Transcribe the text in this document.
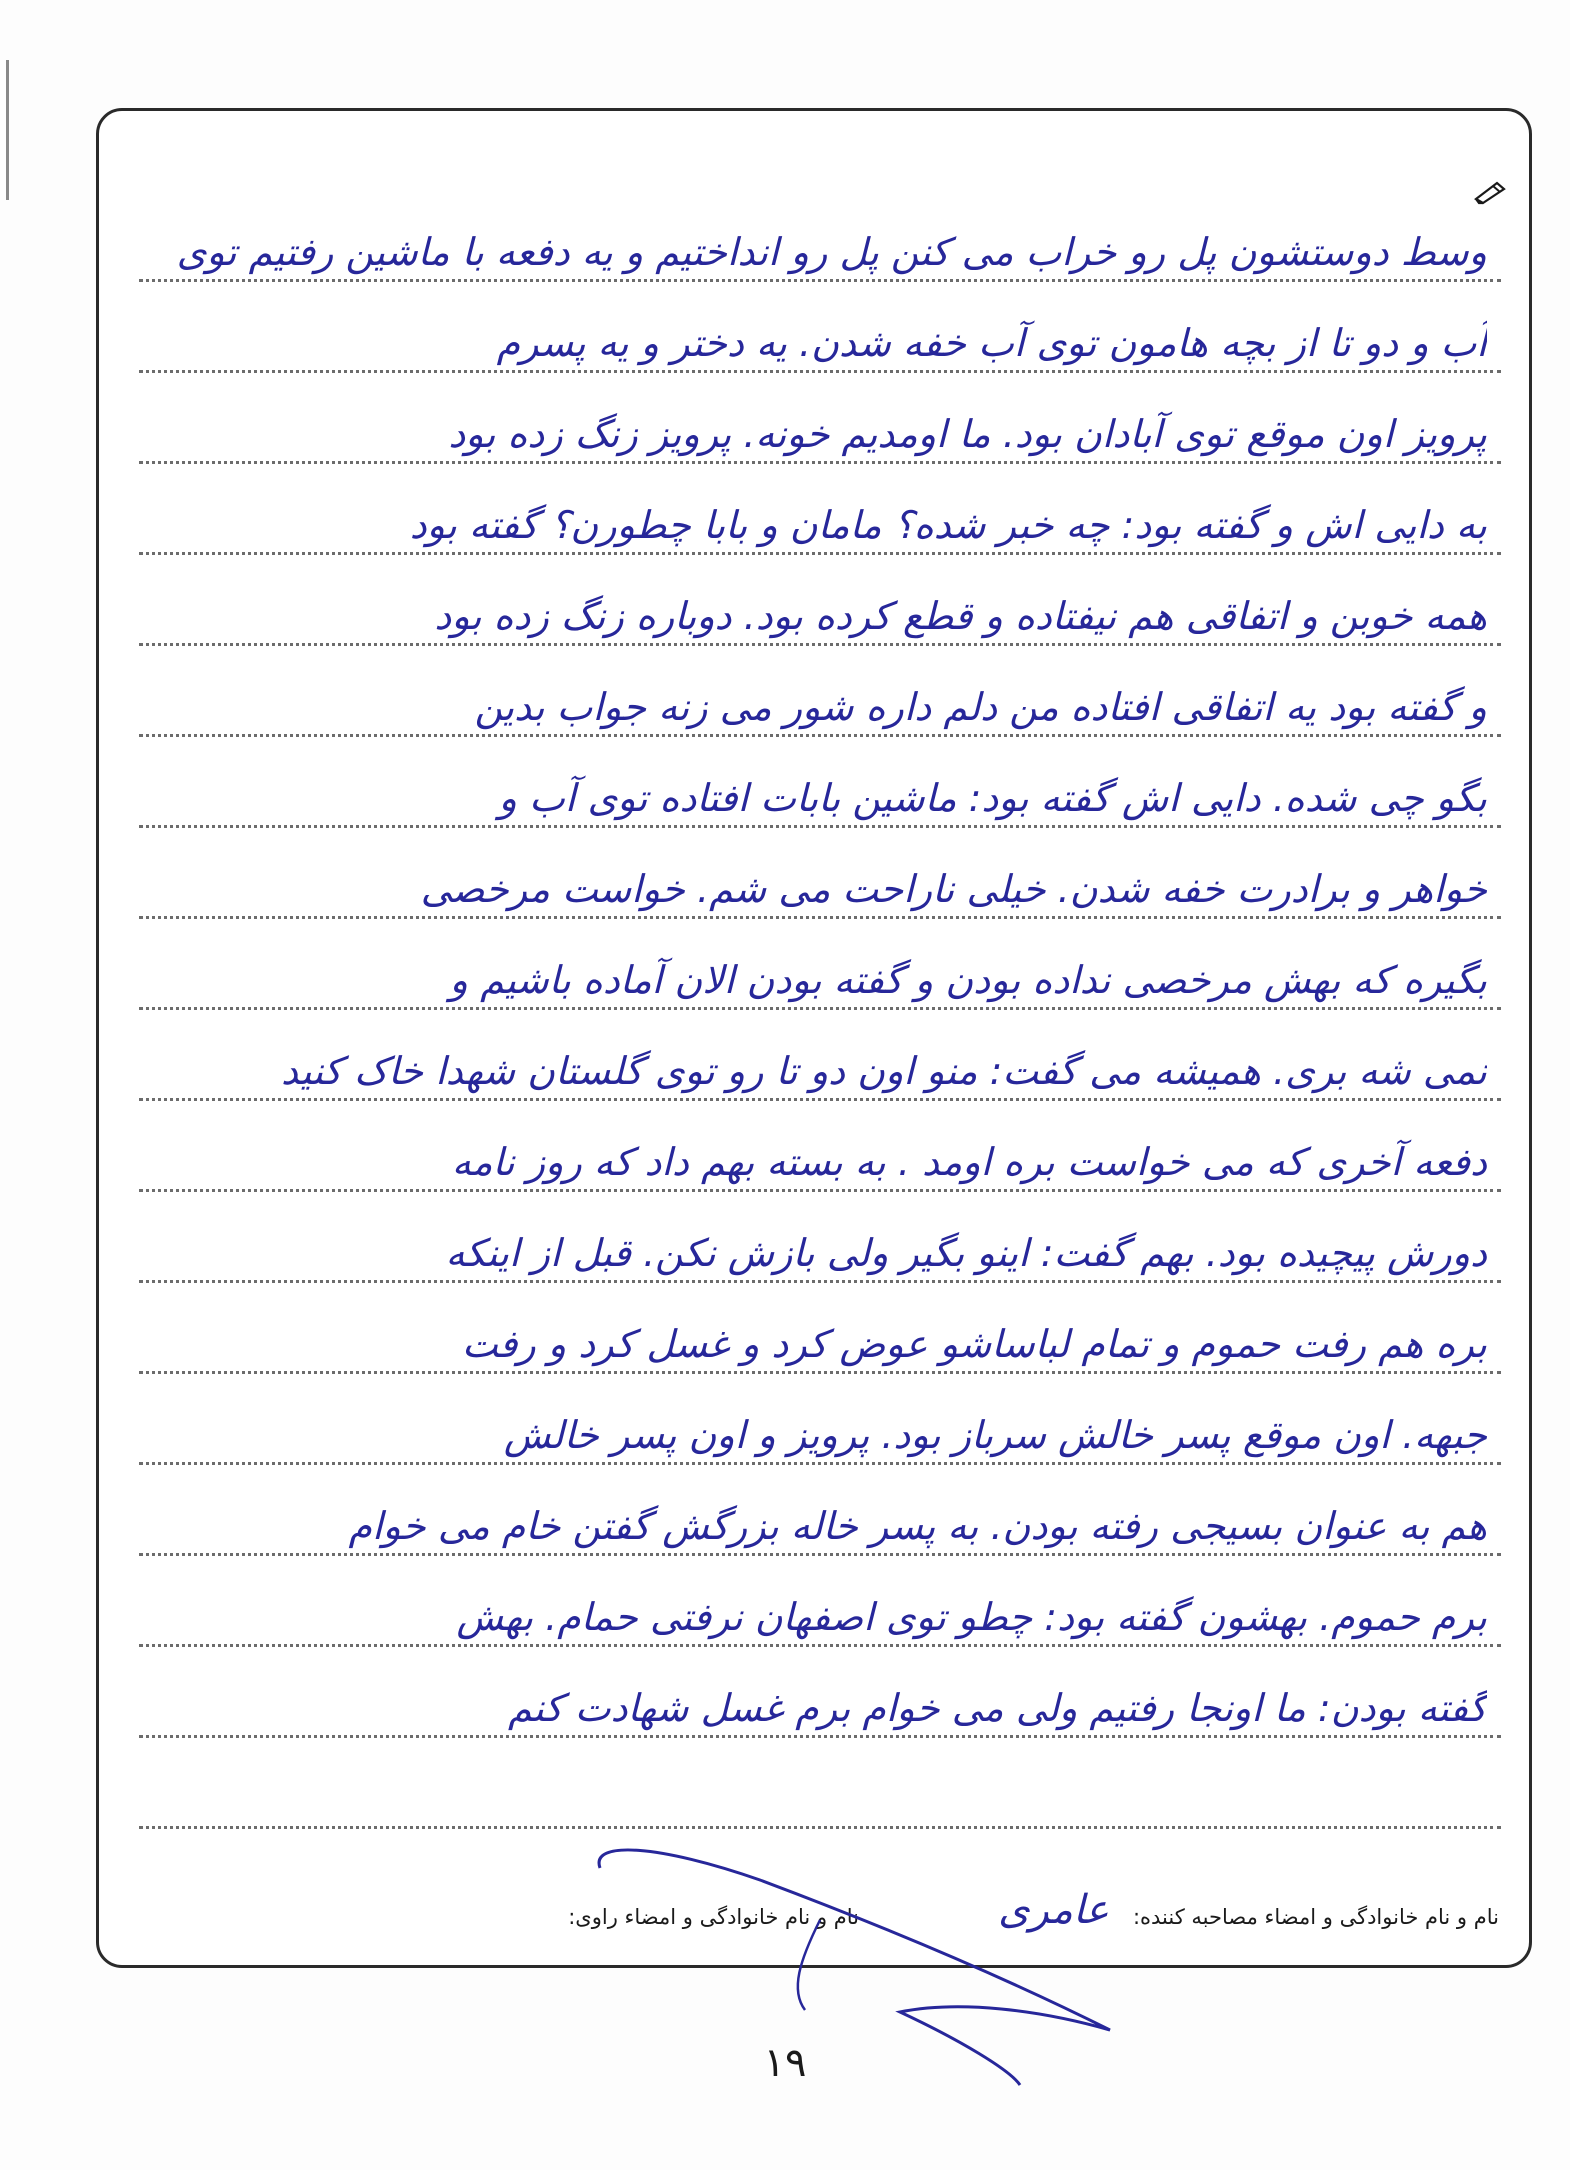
وسط دوستشون پل رو خراب می کنن پل رو انداختیم و یه دفعه با ماشین رفتیم توی
آب و دو تا از بچه هامون توی آب خفه شدن. یه دختر و یه پسرم
پرویز اون موقع توی آبادان بود. ما اومدیم خونه. پرویز زنگ زده بود
به دایی اش و گفته بود: چه خبر شده؟ مامان و بابا چطورن؟ گفته بود
همه خوبن و اتفاقی هم نیفتاده و قطع کرده بود. دوباره زنگ زده بود
و گفته بود یه اتفاقی افتاده من دلم داره شور می زنه جواب بدین
بگو چی شده. دایی اش گفته بود: ماشین بابات افتاده توی آب و
خواهر و برادرت خفه شدن. خیلی ناراحت می شم. خواست مرخصی
بگیره که بهش مرخصی نداده بودن و گفته بودن الان آماده باشیم و
نمی شه بری. همیشه می گفت: منو اون دو تا رو توی گلستان شهدا خاک کنید
دفعه آخری که می خواست بره اومد . به بسته بهم داد که روز نامه
دورش پیچیده بود. بهم گفت: اینو بگیر ولی بازش نکن. قبل از اینکه
بره هم رفت حموم و تمام لباساشو عوض کرد و غسل کرد و رفت
جبهه. اون موقع پسر خالش سرباز بود. پرویز و اون پسر خالش
هم به عنوان بسیجی رفته بودن. به پسر خاله بزرگش گفتن خام می خوام
برم حموم. بهشون گفته بود: چطو توی اصفهان نرفتی حمام. بهش
گفته بودن: ما اونجا رفتیم ولی می خوام برم غسل شهادت کنم
نام و نام خانوادگی و امضاء مصاحبه کننده:
عامری
نام و نام خانوادگی و امضاء راوی:
۱۹
